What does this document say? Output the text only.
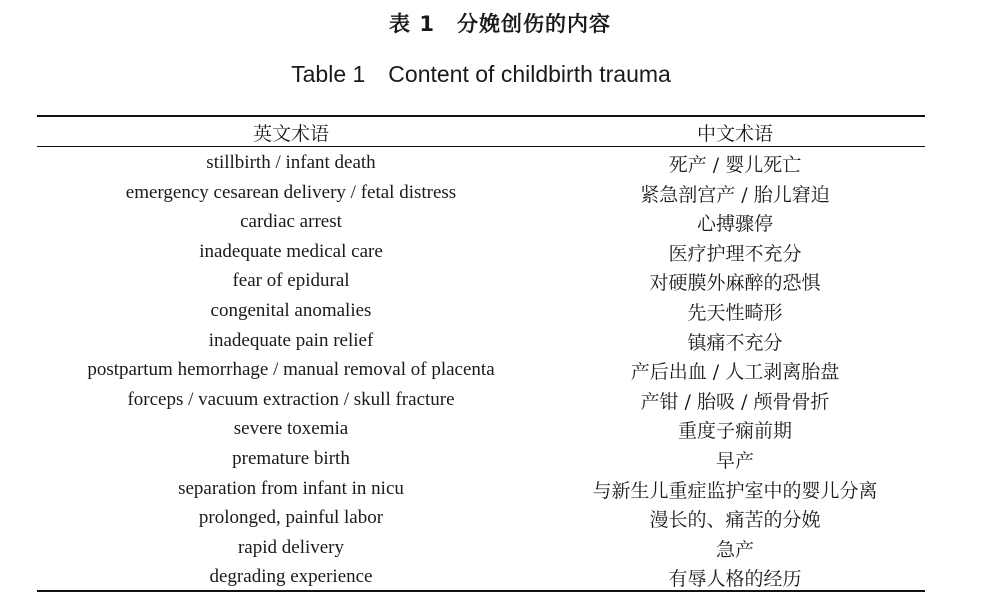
表 1　分娩创伤的内容
Table 1　Content of childbirth trauma
英文术语	中文术语
stillbirth / infant death	死产 / 婴儿死亡
emergency cesarean delivery / fetal distress	紧急剖宫产 / 胎儿窘迫
cardiac arrest	心搏骤停
inadequate medical care	医疗护理不充分
fear of epidural	对硬膜外麻醉的恐惧
congenital anomalies	先天性畸形
inadequate pain relief	镇痛不充分
postpartum hemorrhage / manual removal of placenta	产后出血 / 人工剥离胎盘
forceps / vacuum extraction / skull fracture	产钳 / 胎吸 / 颅骨骨折
severe toxemia	重度子痫前期
premature birth	早产
separation from infant in nicu	与新生儿重症监护室中的婴儿分离
prolonged, painful labor	漫长的、痛苦的分娩
rapid delivery	急产
degrading experience	有辱人格的经历
